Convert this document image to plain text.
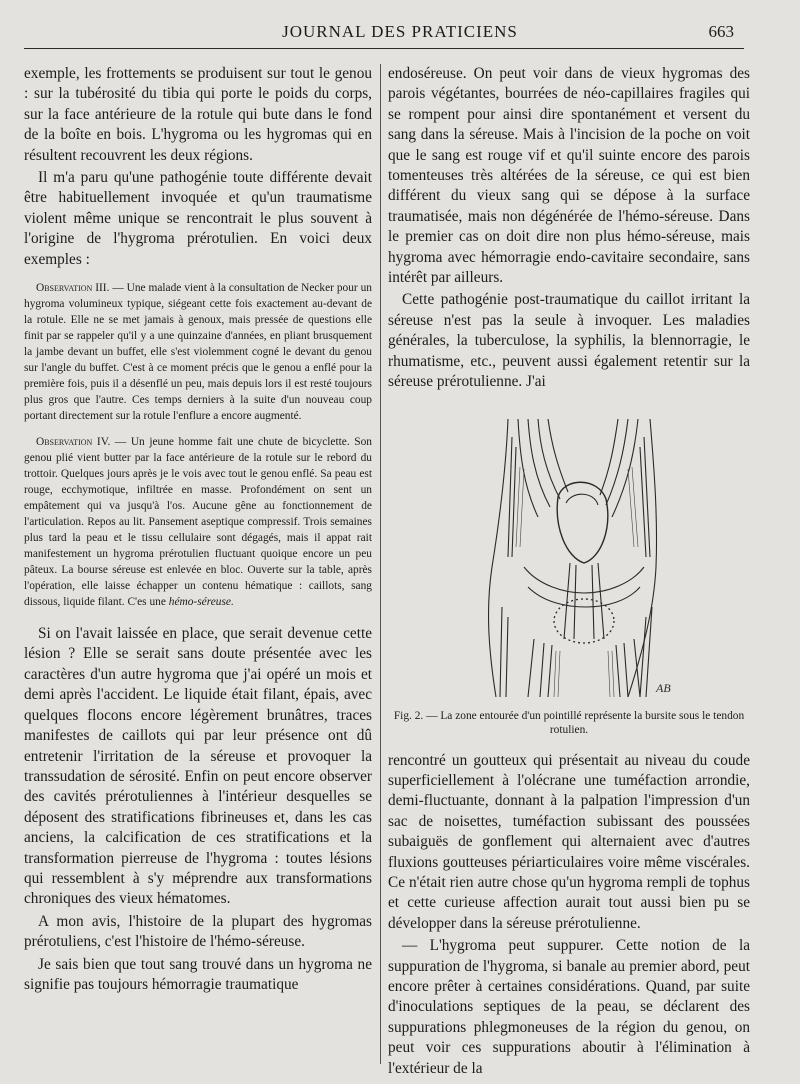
JOURNAL DES PRATICIENS	663

exemple, les frottements se produisent sur tout le genou : sur la tubérosité du tibia qui porte le poids du corps, sur la face antérieure de la rotule qui bute dans le fond de la boîte en bois. L'hygroma ou les hygromas qui en résultent recouvrent les deux régions.

Il m'a paru qu'une pathogénie toute différente devait être habituellement invoquée et qu'un traumatisme violent même unique se rencontrait le plus souvent à l'origine de l'hygroma prérotulien. En voici deux exemples :

Observation III. — Une malade vient à la consultation de Necker pour un hygroma volumineux typique, siégeant cette fois exactement au-devant de la rotule. Elle ne se met jamais à genoux, mais pressée de questions elle finit par se rappeler qu'il y a une quinzaine d'années, en pliant brusquement la jambe devant un buffet, elle s'est violemment cogné le devant du genou sur l'angle du buffet. C'est à ce moment précis que le genou a enflé pour la première fois, puis il a désenflé un peu, mais depuis lors il est resté toujours plus gros que l'autre. Ces temps derniers à la suite d'un nouveau coup portant directement sur la rotule l'enflure a encore augmenté.

Observation IV. — Un jeune homme fait une chute de bicyclette. Son genou plié vient butter par la face antérieure de la rotule sur le rebord du trottoir. Quelques jours après je le vois avec tout le genou enflé. Sa peau est rouge, ecchymotique, infiltrée en masse. Profondément on sent un empâtement qui va jusqu'à l'os. Aucune gêne au fonctionnement de l'articulation. Repos au lit. Pansement aseptique compressif. Trois semaines plus tard la peau et le tissu cellulaire sont dégagés, mais il appat rait manifestement un hygroma prérotulien fluctuant quoique encore un peu pâteux. La bourse séreuse est enlevée en bloc. Ouverte sur la table, après l'opération, elle laisse échapper un contenu hématique : caillots, sang dissous, liquide filant. C'es une hémo-séreuse.

Si on l'avait laissée en place, que serait devenue cette lésion ? Elle se serait sans doute présentée avec les caractères d'un autre hygroma que j'ai opéré un mois et demi après l'accident. Le liquide était filant, épais, avec quelques flocons encore légèrement brunâtres, traces manifestes de caillots qui par leur présence ont dû entretenir l'irritation de la séreuse et provoquer la transsudation de sérosité. Enfin on peut encore observer des cavités prérotuliennes à l'intérieur desquelles se déposent des stratifications fibrineuses et, dans les cas anciens, la calcification de ces stratifications et la transformation pierreuse de l'hygroma : toutes lésions qui ressemblent à s'y méprendre aux transformations chroniques des vieux hématomes.

A mon avis, l'histoire de la plupart des hygromas prérotuliens, c'est l'histoire de l'hémo-séreuse.

Je sais bien que tout sang trouvé dans un hygroma ne signifie pas toujours hémorragie traumatique

endoséreuse. On peut voir dans de vieux hygromas des parois végétantes, bourrées de néo-capillaires fragiles qui se rompent pour ainsi dire spontanément et versent du sang dans la séreuse. Mais à l'incision de la poche on voit que le sang est rouge vif et qu'il suinte encore des parois tomenteuses très altérées de la séreuse, ce qui est bien différent du vieux sang qui se dépose à la surface traumatisée, mais non dégénérée de l'hémo-séreuse. Dans le premier cas on doit dire non plus hémo-séreuse, mais hygroma avec hémorragie endo-cavitaire secondaire, sans intérêt par ailleurs.

Cette pathogénie post-traumatique du caillot irritant la séreuse n'est pas la seule à invoquer. Les maladies générales, la tuberculose, la syphilis, la blennorragie, le rhumatisme, etc., peuvent aussi également retentir sur la séreuse prérotulienne. J'ai

AB

Fig. 2. — La zone entourée d'un pointillé représente la bursite sous le tendon rotulien.

rencontré un goutteux qui présentait au niveau du coude superficiellement à l'olécrane une tuméfaction arrondie, demi-fluctuante, donnant à la palpation l'impression d'un sac de noisettes, tuméfaction subissant des poussées subaiguës de gonflement qui alternaient avec d'autres fluxions goutteuses périarticulaires voire même viscérales. Ce n'était rien autre chose qu'un hygroma rempli de tophus et cette curieuse affection aurait tout aussi bien pu se développer dans la séreuse prérotulienne.

— L'hygroma peut suppurer. Cette notion de la suppuration de l'hygroma, si banale au premier abord, peut encore prêter à certaines considérations. Quand, par suite d'inoculations septiques de la peau, se déclarent des suppurations phlegmoneuses de la région du genou, on peut voir ces suppurations aboutir à l'élimination à l'extérieur de la
